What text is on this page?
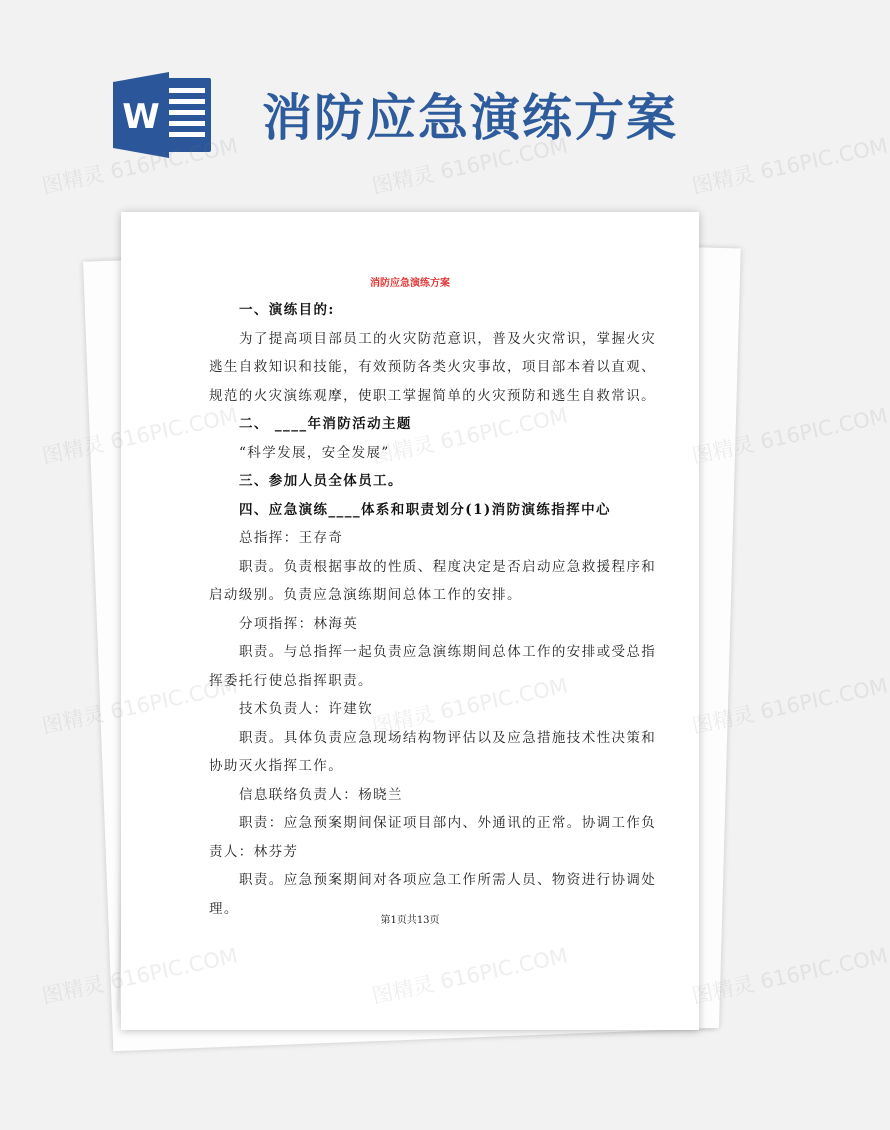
W 消防应急演练方案
消防应急演练方案
一、演练目的:
为了提高项目部员工的火灾防范意识，普及火灾常识，掌握火灾
逃生自救知识和技能，有效预防各类火灾事故，项目部本着以直观、
规范的火灾演练观摩，使职工掌握简单的火灾预防和逃生自救常识。
二、 ____年消防活动主题
“科学发展，安全发展”
三、参加人员全体员工。
四、应急演练____体系和职责划分(1)消防演练指挥中心
总指挥：王存奇
职责。负责根据事故的性质、程度决定是否启动应急救援程序和
启动级别。负责应急演练期间总体工作的安排。
分项指挥：林海英
职责。与总指挥一起负责应急演练期间总体工作的安排或受总指
挥委托行使总指挥职责。
技术负责人：许建钦
职责。具体负责应急现场结构物评估以及应急措施技术性决策和
协助灭火指挥工作。
信息联络负责人：杨晓兰
职责：应急预案期间保证项目部内、外通讯的正常。协调工作负
责人：林芬芳
职责。应急预案期间对各项应急工作所需人员、物资进行协调处
理。
第1页共13页
图精灵 616PIC.COM	图精灵 616PIC.COM	图精灵 616PIC.COM
图精灵	图精灵 616PIC.COM
图精灵	图精灵 616PIC.COM
图精灵	图精灵 616PIC.COM
